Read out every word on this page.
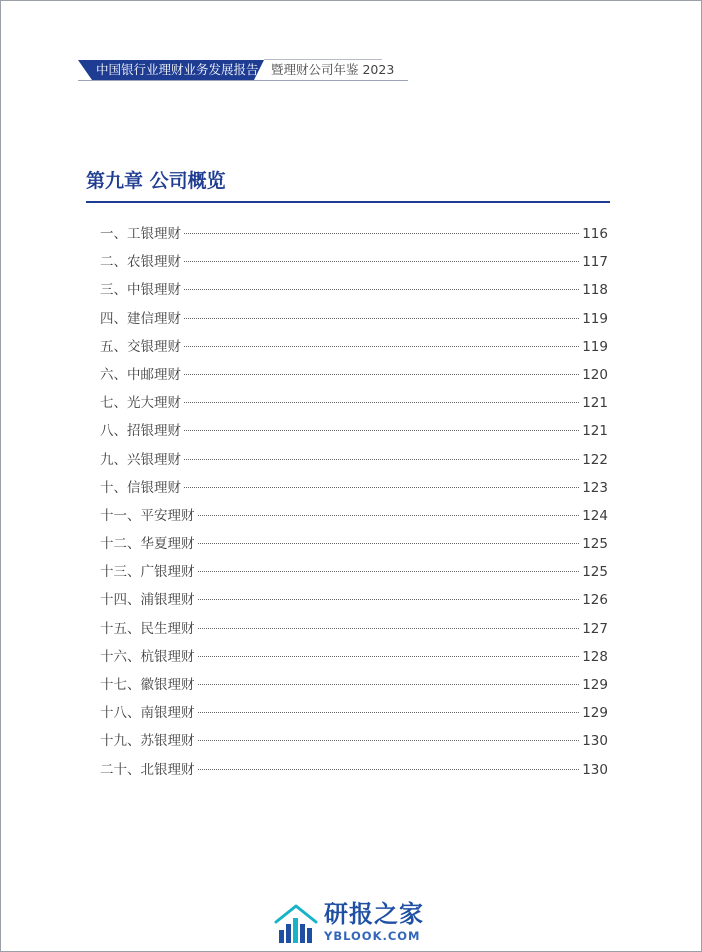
中国银行业理财业务发展报告 暨理财公司年鉴 2023
第九章 公司概览
一、工银理财	116
二、农银理财	117
三、中银理财	118
四、建信理财	119
五、交银理财	119
六、中邮理财	120
七、光大理财	121
八、招银理财	121
九、兴银理财	122
十、信银理财	123
十一、平安理财	124
十二、华夏理财	125
十三、广银理财	125
十四、浦银理财	126
十五、民生理财	127
十六、杭银理财	128
十七、徽银理财	129
十八、南银理财	129
十九、苏银理财	130
二十、北银理财	130
研报之家
YBLOOK.COM
